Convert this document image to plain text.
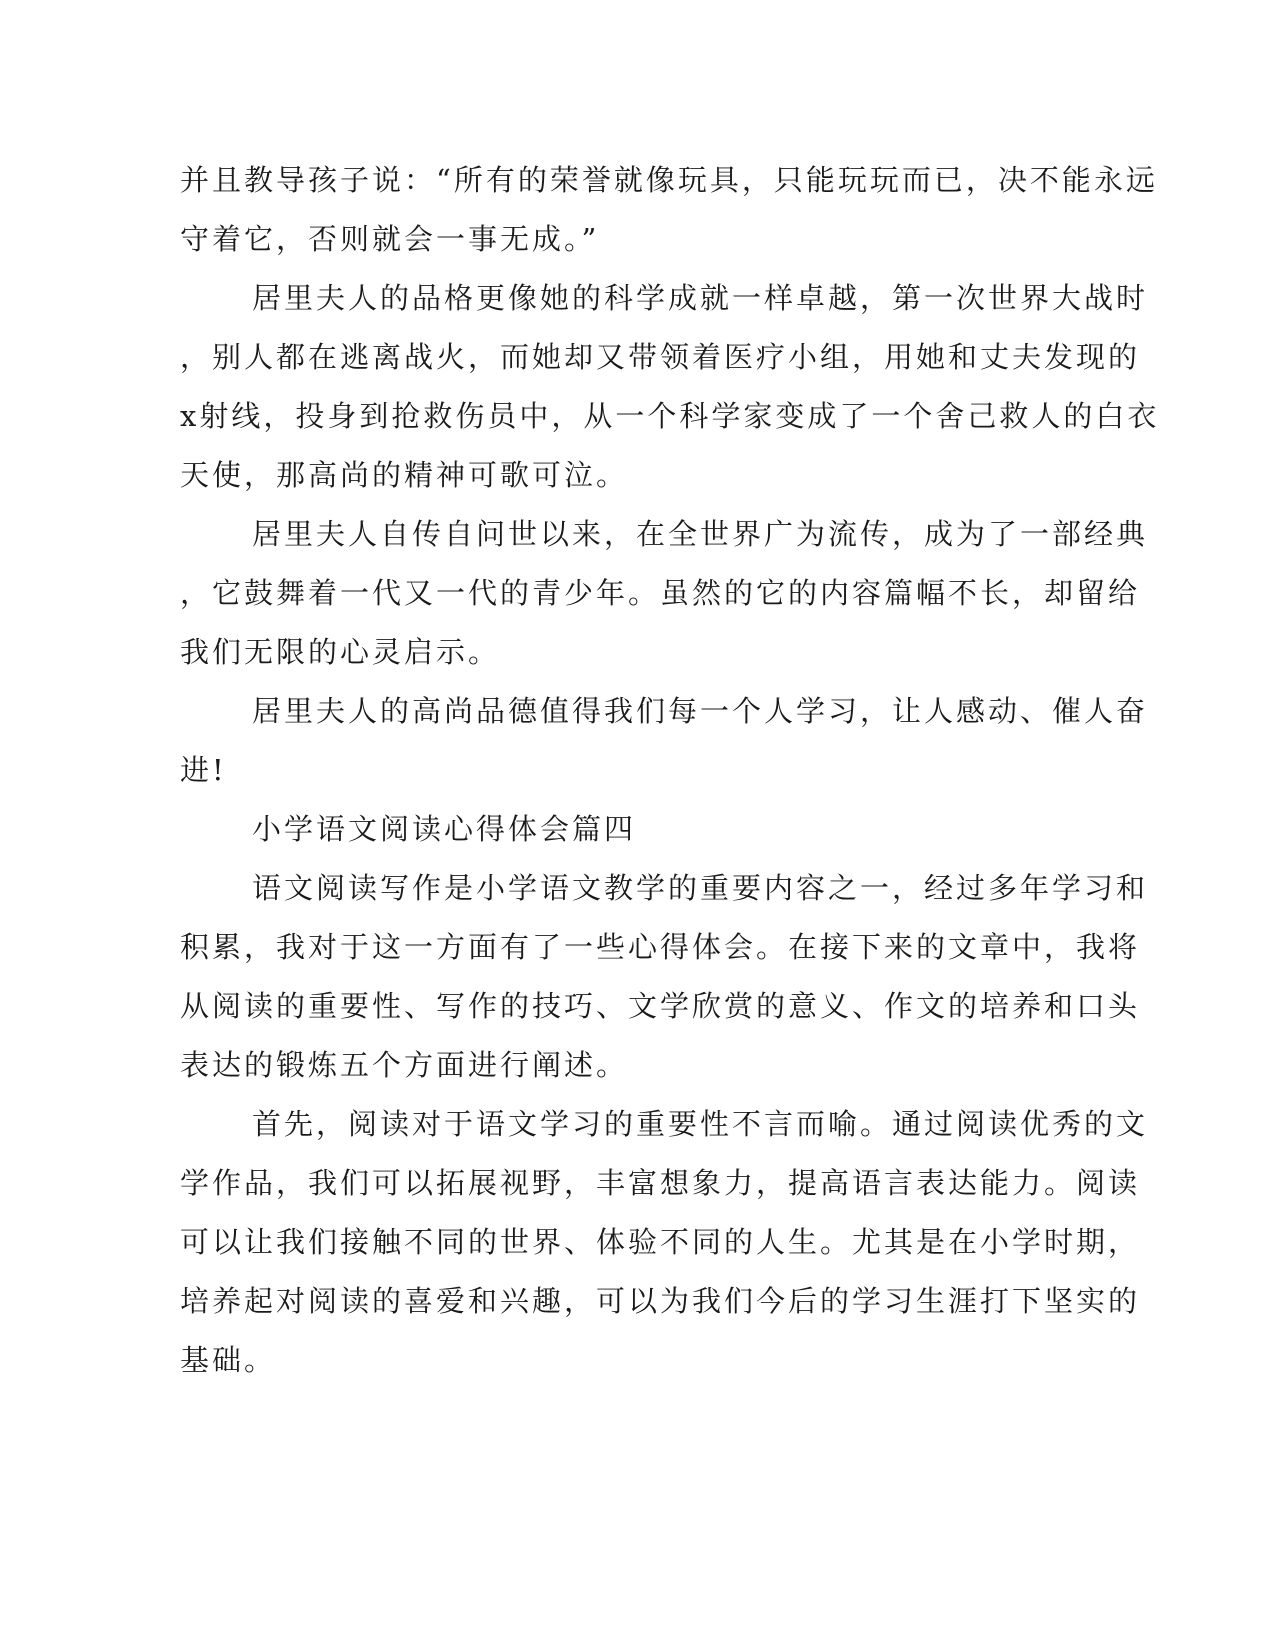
并且教导孩子说：“所有的荣誉就像玩具，只能玩玩而已，决不能永远
守着它，否则就会一事无成。”
居里夫人的品格更像她的科学成就一样卓越，第一次世界大战时
，别人都在逃离战火，而她却又带领着医疗小组，用她和丈夫发现的
x射线，投身到抢救伤员中，从一个科学家变成了一个舍己救人的白衣
天使，那高尚的精神可歌可泣。
居里夫人自传自问世以来，在全世界广为流传，成为了一部经典
，它鼓舞着一代又一代的青少年。虽然的它的内容篇幅不长，却留给
我们无限的心灵启示。
居里夫人的高尚品德值得我们每一个人学习，让人感动、催人奋
进!
小学语文阅读心得体会篇四
语文阅读写作是小学语文教学的重要内容之一，经过多年学习和
积累，我对于这一方面有了一些心得体会。在接下来的文章中，我将
从阅读的重要性、写作的技巧、文学欣赏的意义、作文的培养和口头
表达的锻炼五个方面进行阐述。
首先，阅读对于语文学习的重要性不言而喻。通过阅读优秀的文
学作品，我们可以拓展视野，丰富想象力，提高语言表达能力。阅读
可以让我们接触不同的世界、体验不同的人生。尤其是在小学时期，
培养起对阅读的喜爱和兴趣，可以为我们今后的学习生涯打下坚实的
基础。
